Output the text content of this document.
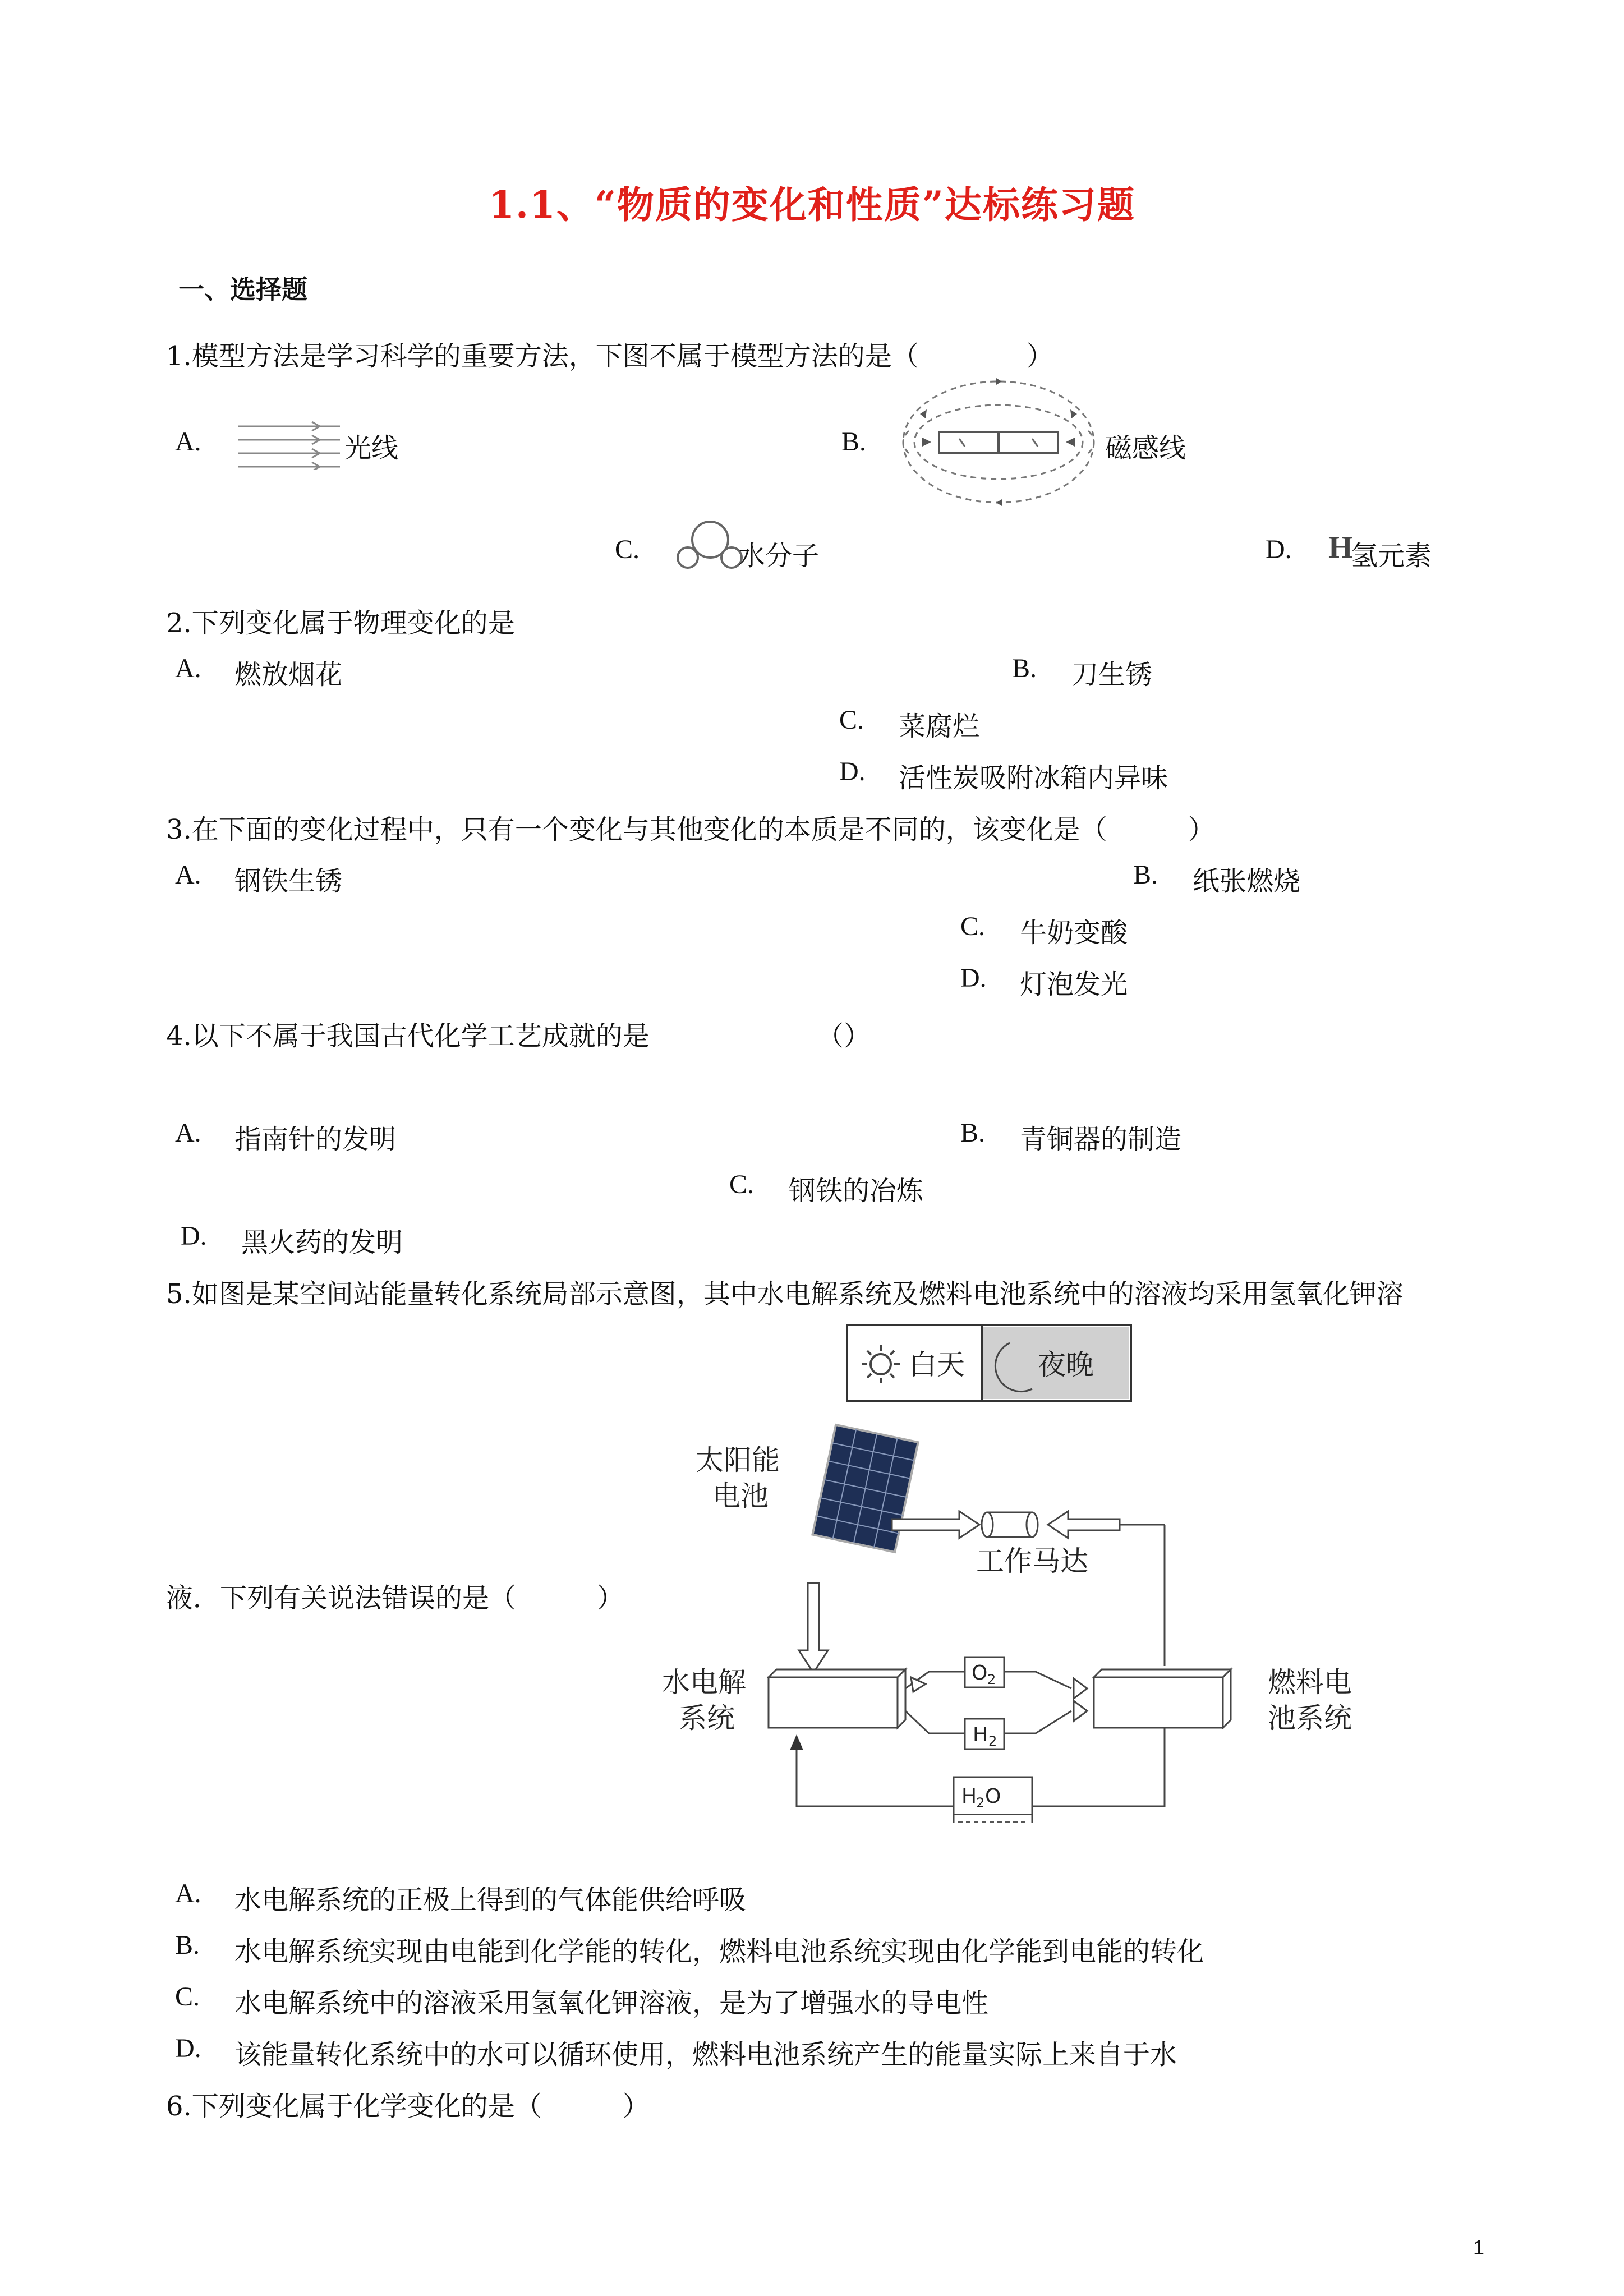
1.1、“物质的变化和性质”达标练习题
一、选择题
1.模型方法是学习科学的重要方法，下图不属于模型方法的是（　　　　）
A.	光线	B.	磁感线
C.	水分子	D. H
氢元素
2.下列变化属于物理变化的是
A. 燃放烟花	B. 刀生锈
C. 菜腐烂
D. 活性炭吸附冰箱内异味
3.在下面的变化过程中，只有一个变化与其他变化的本质是不同的，该变化是（　　　）
A. 钢铁生锈	B. 纸张燃烧
C. 牛奶变酸
D. 灯泡发光
4.以下不属于我国古代化学工艺成就的是	（）
A. 指南针的发明	B. 青铜器的制造
C. 钢铁的冶炼
D. 黑火药的发明
5.如图是某空间站能量转化系统局部示意图，其中水电解系统及燃料电池系统中的溶液均采用氢氧化钾溶
液．下列有关说法错误的是（　　　）
白天	夜晚
太阳能
电池
工作马达
水电解
系统
燃料电
池系统
O 2
H 2
H
2 O
A. 水电解系统的正极上得到的气体能供给呼吸
B. 水电解系统实现由电能到化学能的转化，燃料电池系统实现由化学能到电能的转化
C. 水电解系统中的溶液采用氢氧化钾溶液，是为了增强水的导电性
D. 该能量转化系统中的水可以循环使用，燃料电池系统产生的能量实际上来自于水
6.下列变化属于化学变化的是（　　　）
1
